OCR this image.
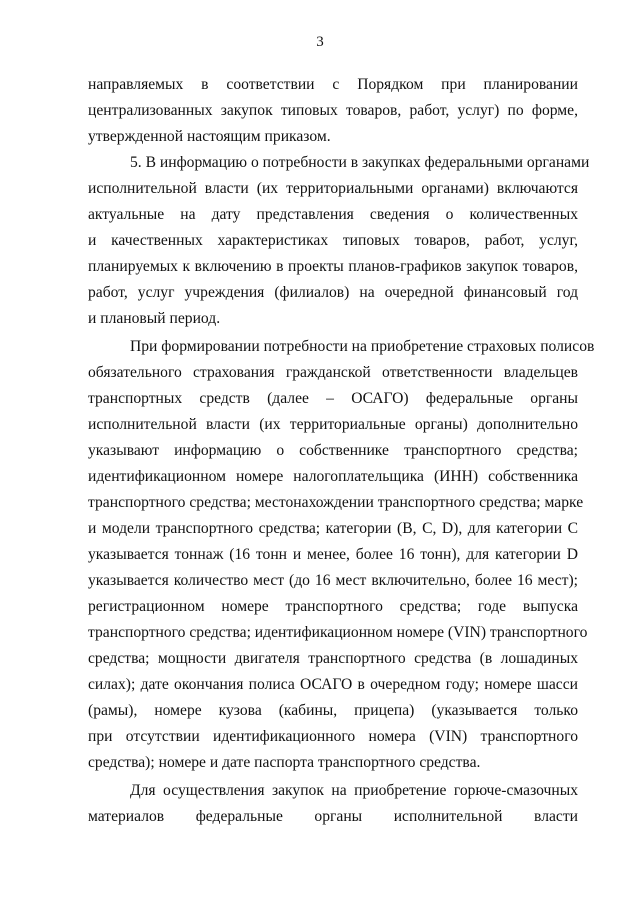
3
направляемых в соответствии с Порядком при планировании
централизованных закупок типовых товаров, работ, услуг) по форме,
утвержденной настоящим приказом.
5. В информацию о потребности в закупках федеральными органами
исполнительной власти (их территориальными органами) включаются
актуальные на дату представления сведения о количественных
и качественных характеристиках типовых товаров, работ, услуг,
планируемых к включению в проекты планов-графиков закупок товаров,
работ, услуг учреждения (филиалов) на очередной финансовый год
и плановый период.
При формировании потребности на приобретение страховых полисов
обязательного страхования гражданской ответственности владельцев
транспортных средств (далее – ОСАГО) федеральные органы
исполнительной власти (их территориальные органы) дополнительно
указывают информацию о собственнике транспортного средства;
идентификационном номере налогоплательщика (ИНН) собственника
транспортного средства; местонахождении транспортного средства; марке
и модели транспортного средства; категории (B, C, D), для категории C
указывается тоннаж (16 тонн и менее, более 16 тонн), для категории D
указывается количество мест (до 16 мест включительно, более 16 мест);
регистрационном номере транспортного средства; годе выпуска
транспортного средства; идентификационном номере (VIN) транспортного
средства; мощности двигателя транспортного средства (в лошадиных
силах); дате окончания полиса ОСАГО в очередном году; номере шасси
(рамы), номере кузова (кабины, прицепа) (указывается только
при отсутствии идентификационного номера (VIN) транспортного
средства); номере и дате паспорта транспортного средства.
Для осуществления закупок на приобретение горюче-смазочных
материалов федеральные органы исполнительной власти
